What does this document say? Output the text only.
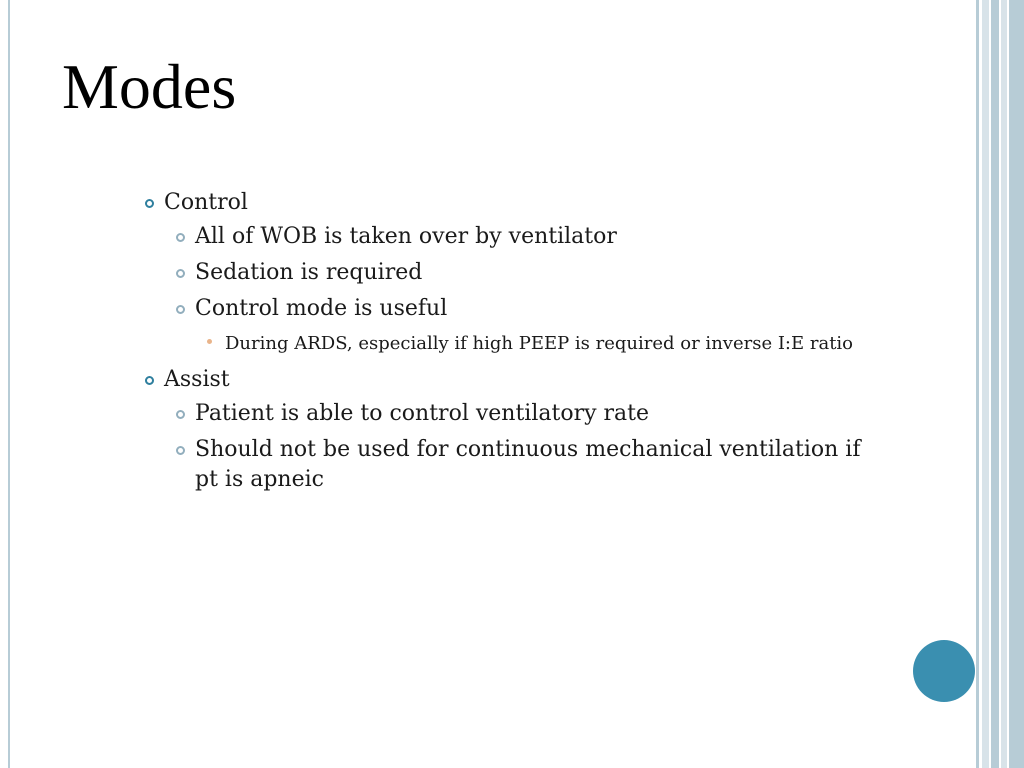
Modes
Control
All of WOB is taken over by ventilator
Sedation is required
Control mode is useful
During ARDS, especially if high PEEP is required or inverse I:E ratio
Assist
Patient is able to control ventilatory rate
Should not be used for continuous mechanical ventilation if pt is apneic
